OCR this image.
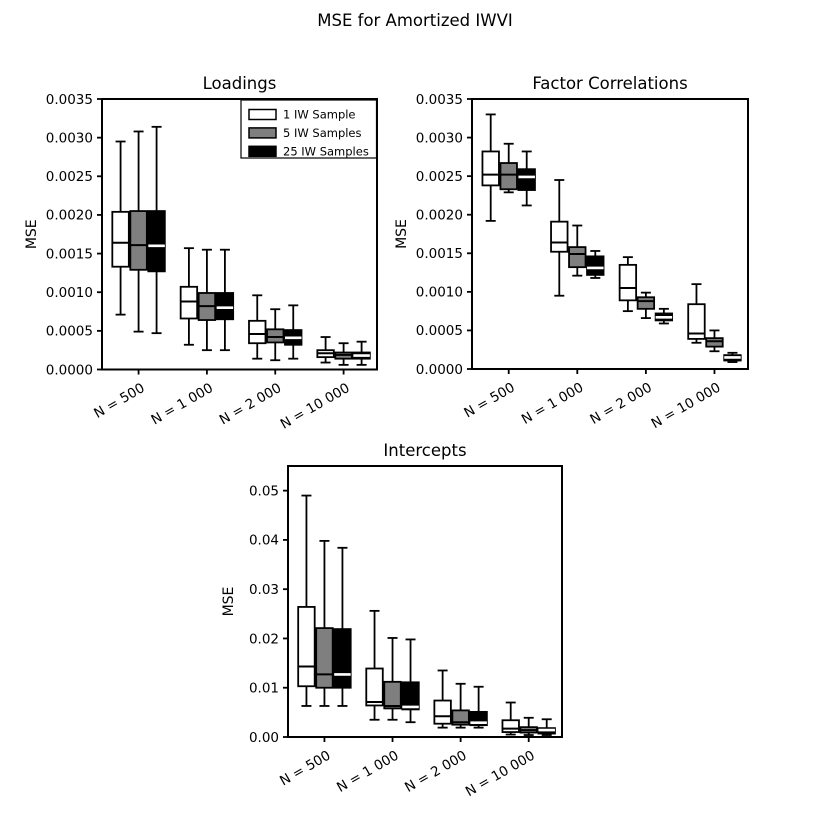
MSE for Amortized IWVI
Loadings
MSE
0.0000
0.0005
0.0010
0.0015
0.0020
0.0025
0.0030
0.0035
N = 500 N = 1 000 N = 2 000
N = 10 000
1 IW Sample
5 IW Samples
25 IW Samples
Factor Correlations
MSE
0.0000
0.0005
0.0010
0.0015
0.0020
0.0025
0.0030
0.0035
N = 500 N = 1 000 N = 2 000
N = 10 000
Intercepts
MSE
0.00
0.01
0.02
0.03
0.04
0.05
N = 500 N = 1 000 N = 2 000
N = 10 000
